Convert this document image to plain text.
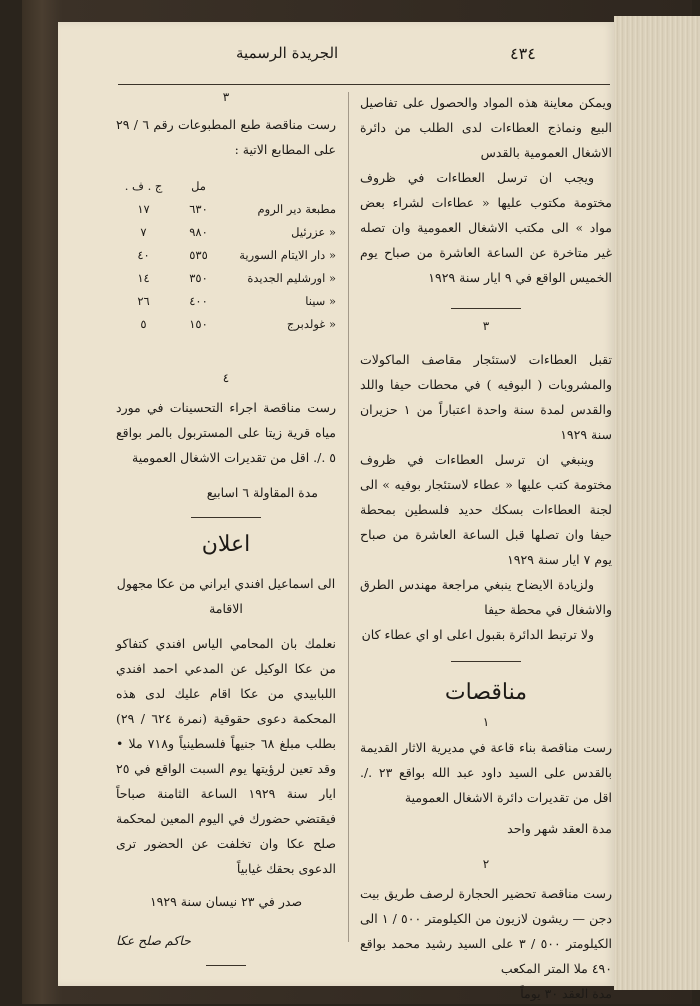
الجريدة الرسمية	٤٣٤

ويمكن معاينة هذه المواد والحصول على تفاصيل البيع ونماذج العطاءات لدى الطلب من دائرة الاشغال العمومية بالقدس

ويجب ان ترسل العطاءات في ظروف مختومة مكتوب عليها « عطاءات لشراء بعض مواد » الى مكتب الاشغال العمومية وان تصله غير متاخرة عن الساعة العاشرة من صباح يوم الخميس الواقع في ٩ ايار سنة ١٩٢٩

٣

تقبل العطاءات لاستئجار مقاصف الماكولات والمشروبات ( البوفيه ) في محطات حيفا واللد والقدس لمدة سنة واحدة اعتباراً من ١ حزيران سنة ١٩٢٩

وينبغي ان ترسل العطاءات في ظروف مختومة كتب عليها « عطاء لاستئجار بوفيه » الى لجنة العطاءات بسكك حديد فلسطين بمحطة حيفا وان تصلها قبل الساعة العاشرة من صباح يوم ٧ ايار سنة ١٩٢٩

ولزيادة الايضاح ينبغي مراجعة مهندس الطرق والاشغال في محطة حيفا

ولا ترتبط الدائرة بقبول اعلى او اي عطاء كان

مناقصات

١

رست مناقصة بناء قاعة في مديرية الاثار القديمة بالقدس على السيد داود عبد الله بواقع ٢٣ ./. اقل من تقديرات دائرة الاشغال العمومية

مدة العقد شهر واحد

٢

رست مناقصة تحضير الحجارة لرصف طريق بيت دجن — ريشون لازيون من الكيلومتر ٥٠٠ / ١ الى الكيلومتر ٥٠٠ / ٣ على السيد رشيد محمد بواقع ٤٩٠ ملا المتر المكعب

مدة العقد ٣٠ يوماً

٣

رست مناقصة طبع المطبوعات رقم ٦ / ٢٩ على المطابع الاتية :

	مل	ج . ف .
مطبعة دير الروم	٦٣٠	١٧
« عزرئيل	٩٨٠	٧
« دار الايتام السورية	٥٣٥	٤٠
« اورشليم الجديدة	٣٥٠	١٤
« سينا	٤٠٠	٢٦
« غولدبرج	١٥٠	٥

٤

رست مناقصة اجراء التحسينات في مورد مياه قرية زيتا على المستربول بالمر بواقع ٥ ./. اقل من تقديرات الاشغال العمومية

مدة المقاولة ٦ اسابيع

اعلان

الى اسماعيل افندي ايراني من عكا مجهول الاقامة

نعلمك بان المحامي الياس افندي كتفاكو من عكا الوكيل عن المدعي احمد افندي اللبابيدي من عكا اقام عليك لدى هذه المحكمة دعوى حقوقية (نمرة ٦٢٤ / ٢٩) بطلب مبلغ ٦٨ جنيهاً فلسطينياً و٧١٨ ملا • وقد تعين لرؤيتها يوم السبت الواقع في ٢٥ ايار سنة ١٩٢٩ الساعة الثامنة صباحاً فيقتضي حضورك في اليوم المعين لمحكمة صلح عكا وان تخلفت عن الحضور ترى الدعوى بحقك غيابياً

صدر في ٢٣ نيسان سنة ١٩٢٩

حاكم صلح عكا
